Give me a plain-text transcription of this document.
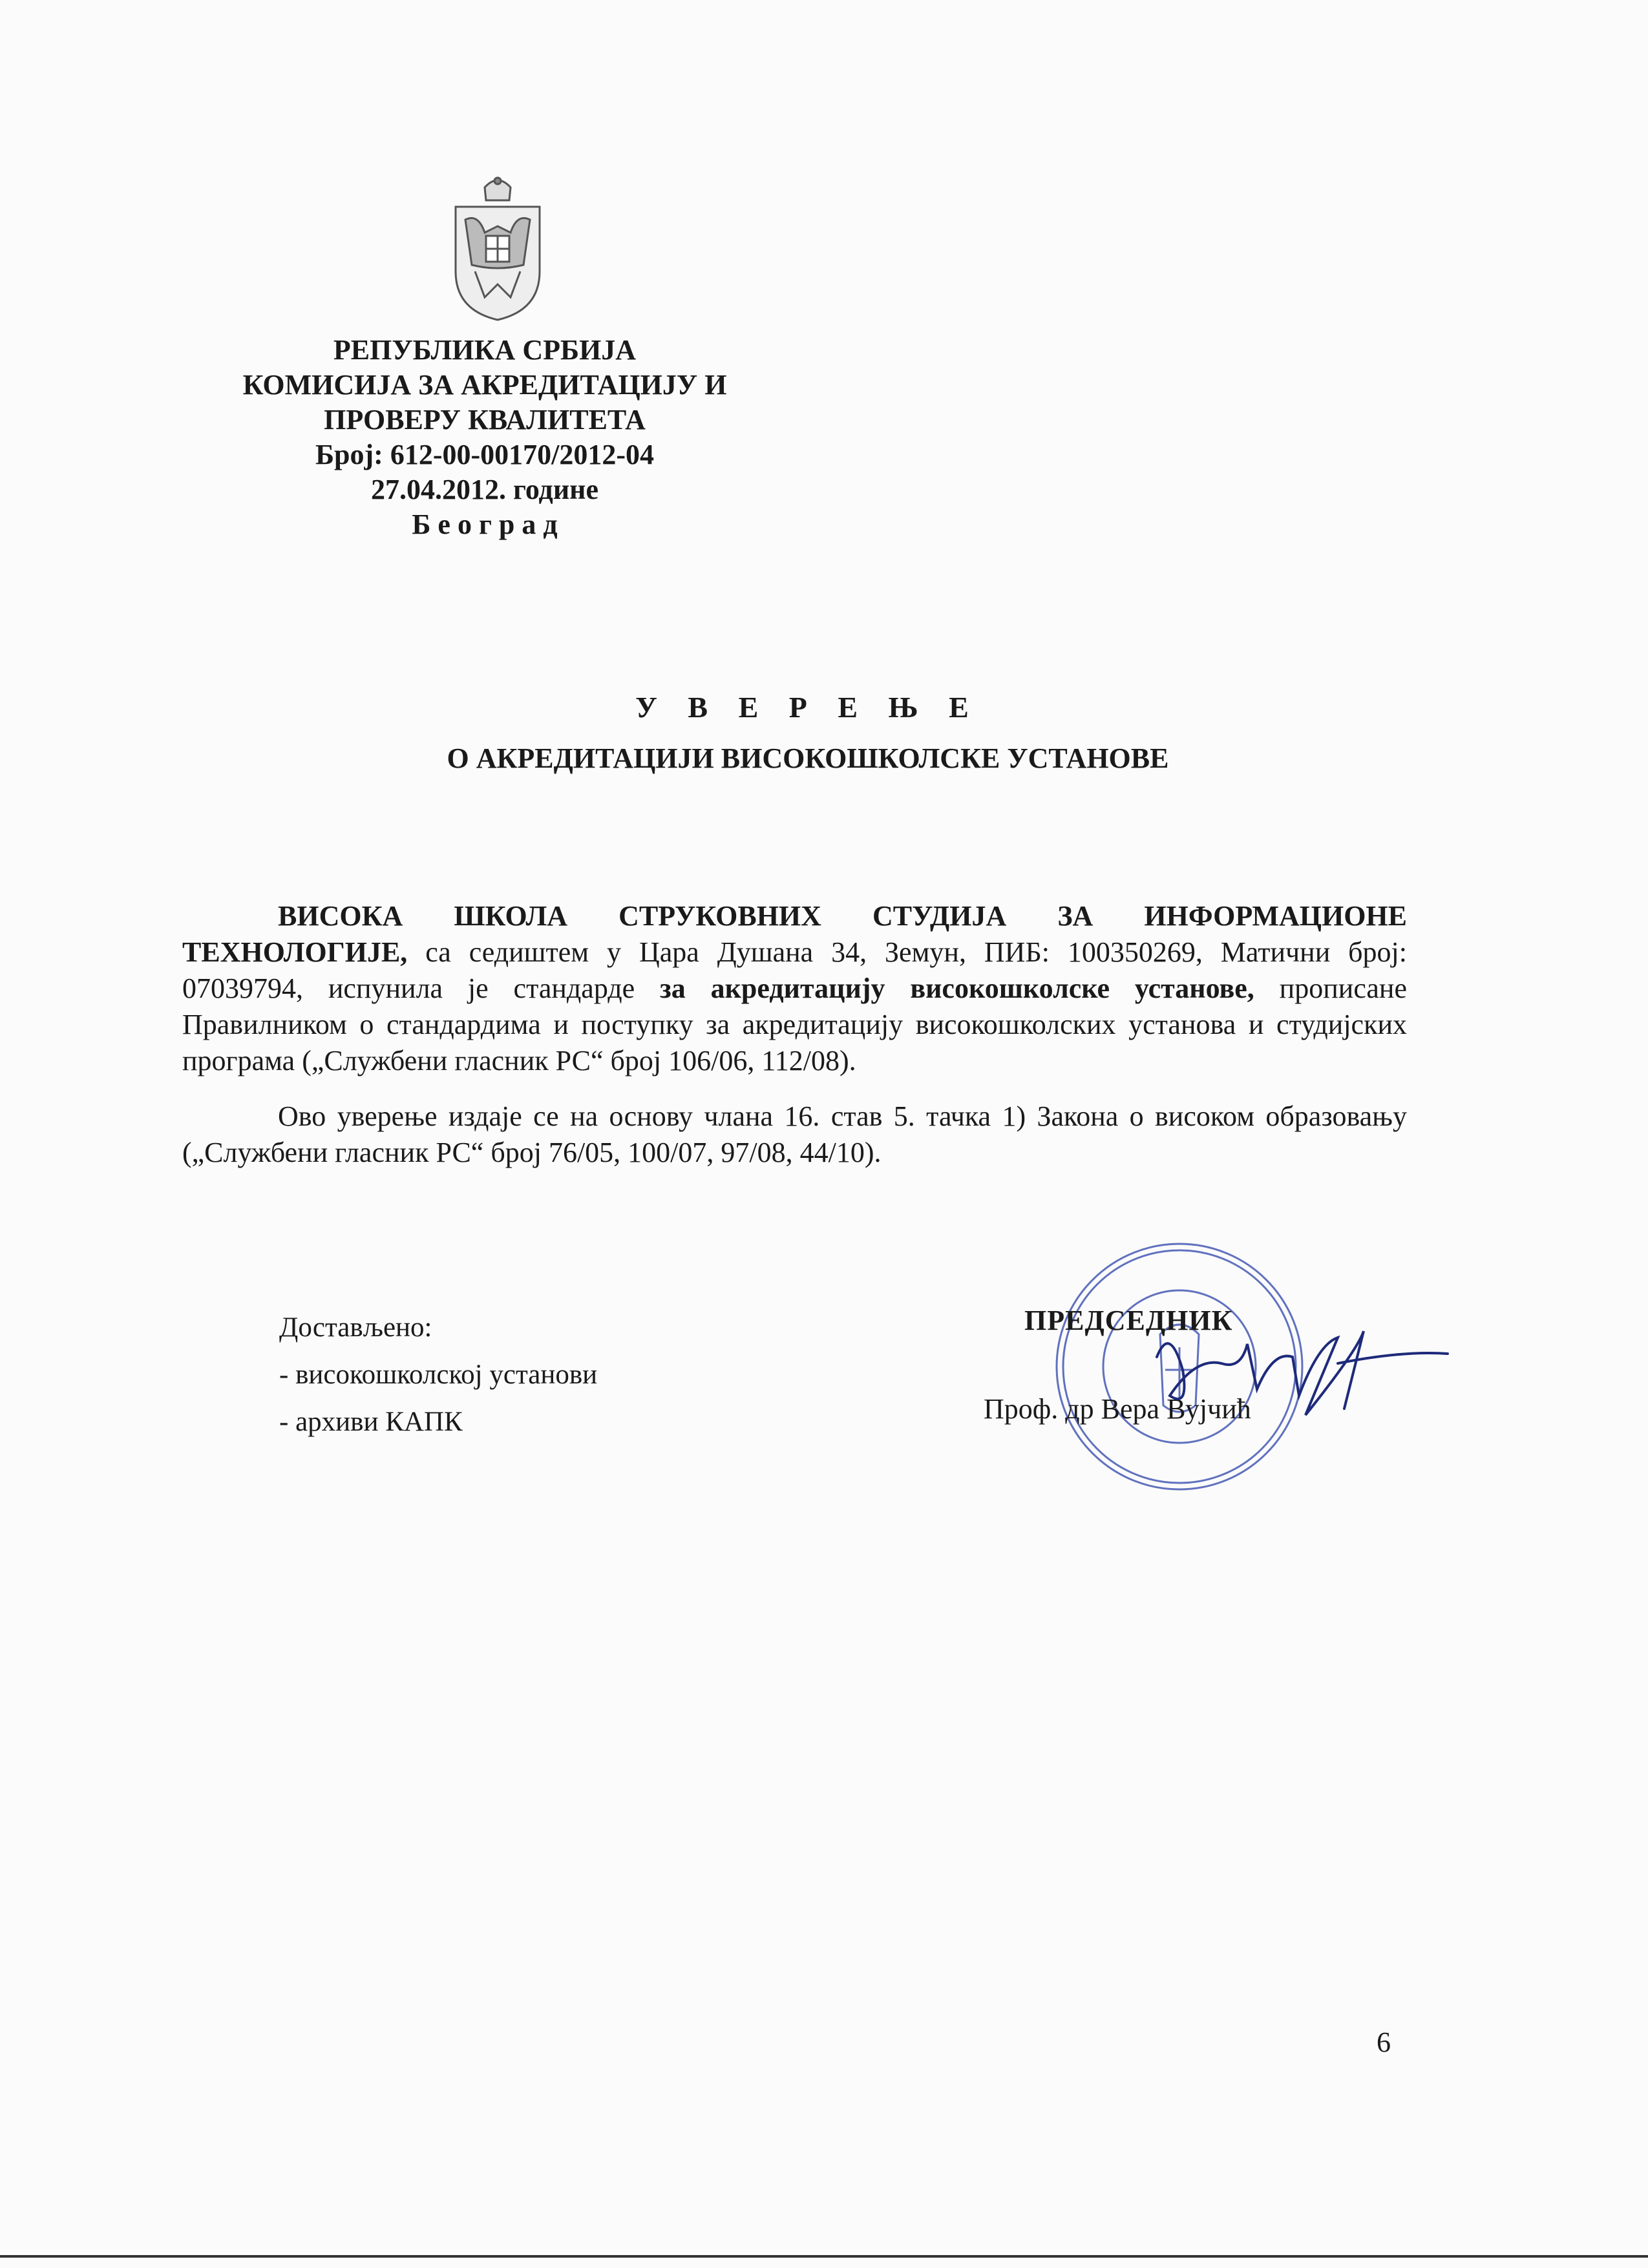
РЕПУБЛИКА СРБИЈА
КОМИСИЈА ЗА АКРЕДИТАЦИЈУ И
ПРОВЕРУ КВАЛИТЕТА
Број: 612-00-00170/2012-04
27.04.2012. године
Б е о г р а д
У В Е Р Е Њ Е
О АКРЕДИТАЦИЈИ ВИСОКОШКОЛСКЕ УСТАНОВЕ
ВИСОКА ШКОЛА СТРУКОВНИХ СТУДИЈА ЗА ИНФОРМАЦИОНЕ ТЕХНОЛОГИЈЕ, са седиштем у Цара Душана 34, Земун, ПИБ: 100350269, Матични број: 07039794, испунила је стандарде за акредитацију високошколске установе, прописане Правилником о стандардима и поступку за акредитацију високошколских установа и студијских програма („Службени гласник РС“ број 106/06, 112/08).
Ово уверење издаје се на основу члана 16. став 5. тачка 1) Закона о високом образовању („Службени гласник РС“ број 76/05, 100/07, 97/08, 44/10).
Достављено:
- високошколској установи
- архиви КАПК
ПРЕДСЕДНИК
Проф. др Вера Вујчић
6
